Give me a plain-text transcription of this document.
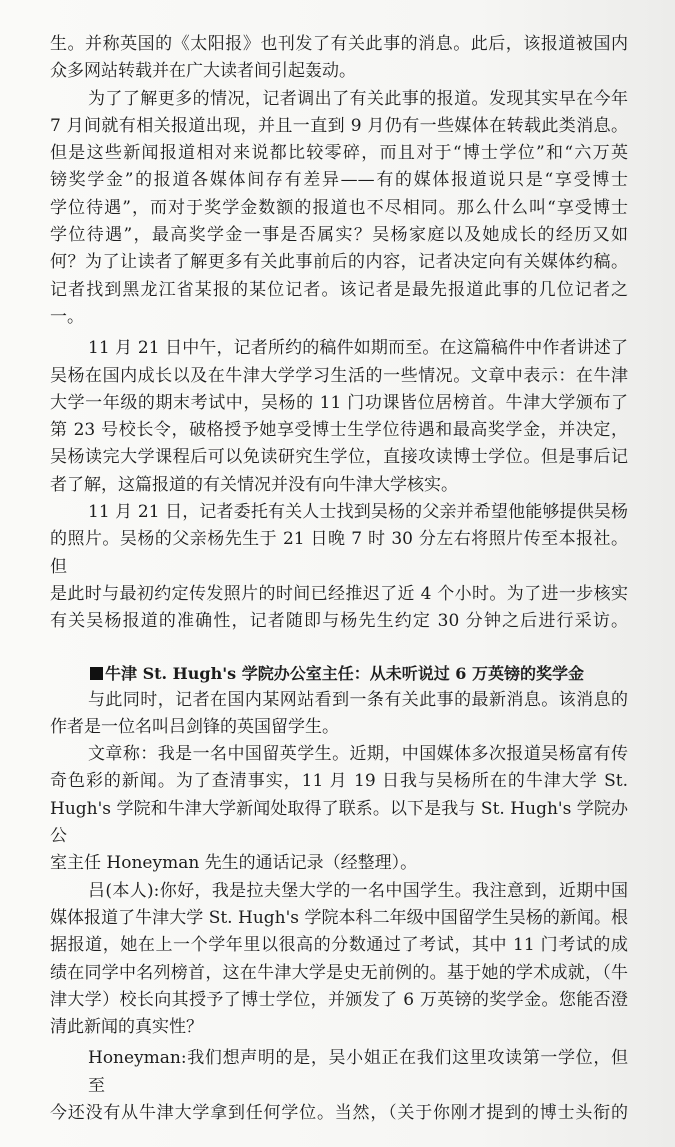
生。并称英国的《太阳报》也刊发了有关此事的消息。此后，该报道被国内
众多网站转载并在广大读者间引起轰动。
为了了解更多的情况，记者调出了有关此事的报道。发现其实早在今年
7 月间就有相关报道出现，并且一直到 9 月仍有一些媒体在转载此类消息。
但是这些新闻报道相对来说都比较零碎，而且对于“博士学位”和“六万英
镑奖学金”的报道各媒体间存有差异——有的媒体报道说只是“享受博士
学位待遇”，而对于奖学金数额的报道也不尽相同。那么什么叫“享受博士
学位待遇”，最高奖学金一事是否属实？吴杨家庭以及她成长的经历又如
何？为了让读者了解更多有关此事前后的内容，记者决定向有关媒体约稿。
记者找到黑龙江省某报的某位记者。该记者是最先报道此事的几位记者之
一。
11 月 21 日中午，记者所约的稿件如期而至。在这篇稿件中作者讲述了
吴杨在国内成长以及在牛津大学学习生活的一些情况。文章中表示：在牛津
大学一年级的期末考试中，吴杨的 11 门功课皆位居榜首。牛津大学颁布了
第 23 号校长令，破格授予她享受博士生学位待遇和最高奖学金，并决定，
吴杨读完大学课程后可以免读研究生学位，直接攻读博士学位。但是事后记
者了解，这篇报道的有关情况并没有向牛津大学核实。
11 月 21 日，记者委托有关人士找到吴杨的父亲并希望他能够提供吴杨
的照片。吴杨的父亲杨先生于 21 日晚 7 时 30 分左右将照片传至本报社。但
是此时与最初约定传发照片的时间已经推迟了近 4 个小时。为了进一步核实
有关吴杨报道的准确性，记者随即与杨先生约定 30 分钟之后进行采访。
牛津 St. Hugh's 学院办公室主任：从未听说过 6 万英镑的奖学金
与此同时，记者在国内某网站看到一条有关此事的最新消息。该消息的
作者是一位名叫吕剑锋的英国留学生。
文章称：我是一名中国留英学生。近期，中国媒体多次报道吴杨富有传
奇色彩的新闻。为了查清事实，11 月 19 日我与吴杨所在的牛津大学 St.
Hugh's 学院和牛津大学新闻处取得了联系。以下是我与 St. Hugh's 学院办公
室主任 Honeyman 先生的通话记录（经整理）。
吕(本人):你好，我是拉夫堡大学的一名中国学生。我注意到，近期中国
媒体报道了牛津大学 St. Hugh's 学院本科二年级中国留学生吴杨的新闻。根
据报道，她在上一个学年里以很高的分数通过了考试，其中 11 门考试的成
绩在同学中名列榜首，这在牛津大学是史无前例的。基于她的学术成就，（牛
津大学）校长向其授予了博士学位，并颁发了 6 万英镑的奖学金。您能否澄
清此新闻的真实性？
Honeyman:我们想声明的是，吴小姐正在我们这里攻读第一学位，但至
今还没有从牛津大学拿到任何学位。当然，（关于你刚才提到的博士头衔的
